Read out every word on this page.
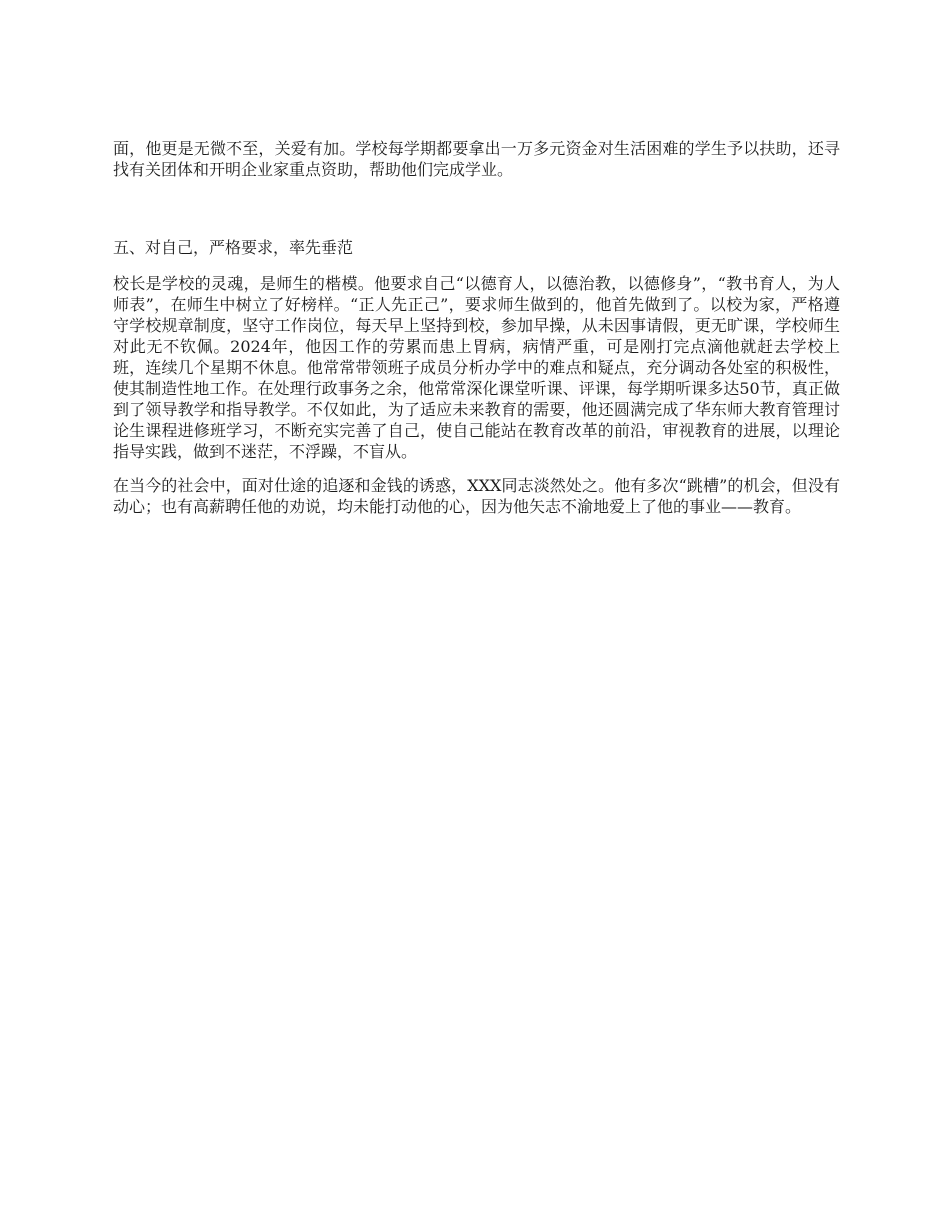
面，他更是无微不至，关爱有加。学校每学期都要拿出一万多元资金对生活困难的学生予以扶助，还寻找有关团体和开明企业家重点资助，帮助他们完成学业。

五、对自己，严格要求，率先垂范

校长是学校的灵魂，是师生的楷模。他要求自己“以德育人，以德治教，以德修身”，“教书育人，为人师表”，在师生中树立了好榜样。“正人先正己”，要求师生做到的，他首先做到了。以校为家，严格遵守学校规章制度，坚守工作岗位，每天早上坚持到校，参加早操，从未因事请假，更无旷课，学校师生对此无不钦佩。2024年，他因工作的劳累而患上胃病，病情严重，可是刚打完点滴他就赶去学校上班，连续几个星期不休息。他常常带领班子成员分析办学中的难点和疑点，充分调动各处室的积极性，使其制造性地工作。在处理行政事务之余，他常常深化课堂听课、评课，每学期听课多达50节，真正做到了领导教学和指导教学。不仅如此，为了适应未来教育的需要，他还圆满完成了华东师大教育管理讨论生课程进修班学习，不断充实完善了自己，使自己能站在教育改革的前沿，审视教育的进展，以理论指导实践，做到不迷茫，不浮躁，不盲从。

在当今的社会中，面对仕途的追逐和金钱的诱惑，XXX同志淡然处之。他有多次“跳槽”的机会，但没有动心；也有高薪聘任他的劝说，均未能打动他的心，因为他矢志不渝地爱上了他的事业——教育。
